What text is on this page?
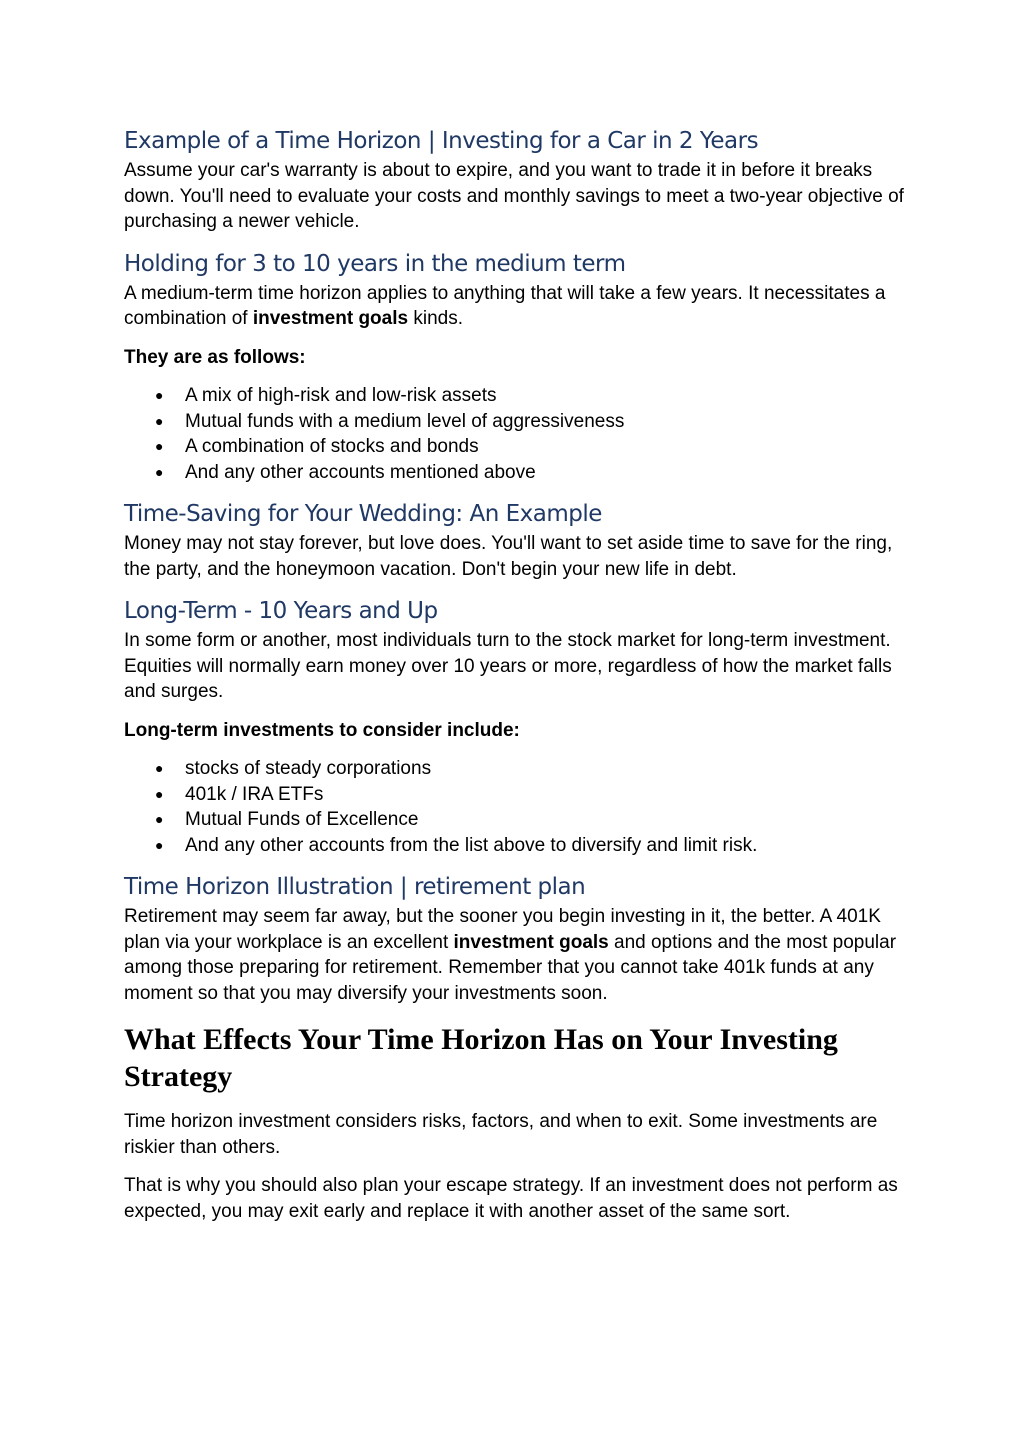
Example of a Time Horizon | Investing for a Car in 2 Years

Assume your car's warranty is about to expire, and you want to trade it in before it breaks down. You'll need to evaluate your costs and monthly savings to meet a two-year objective of purchasing a newer vehicle.

Holding for 3 to 10 years in the medium term

A medium-term time horizon applies to anything that will take a few years. It necessitates a combination of investment goals kinds.

They are as follows:

● A mix of high-risk and low-risk assets
● Mutual funds with a medium level of aggressiveness
● A combination of stocks and bonds
● And any other accounts mentioned above
Time-Saving for Your Wedding: An Example

Money may not stay forever, but love does. You'll want to set aside time to save for the ring, the party, and the honeymoon vacation. Don't begin your new life in debt.

Long-Term - 10 Years and Up

In some form or another, most individuals turn to the stock market for long-term investment. Equities will normally earn money over 10 years or more, regardless of how the market falls and surges.

Long-term investments to consider include:

● stocks of steady corporations
● 401k / IRA ETFs
● Mutual Funds of Excellence
● And any other accounts from the list above to diversify and limit risk.
Time Horizon Illustration | retirement plan

Retirement may seem far away, but the sooner you begin investing in it, the better. A 401K plan via your workplace is an excellent investment goals and options and the most popular among those preparing for retirement. Remember that you cannot take 401k funds at any moment so that you may diversify your investments soon.

What Effects Your Time Horizon Has on Your Investing Strategy

Time horizon investment considers risks, factors, and when to exit. Some investments are riskier than others.

That is why you should also plan your escape strategy. If an investment does not perform as expected, you may exit early and replace it with another asset of the same sort.
